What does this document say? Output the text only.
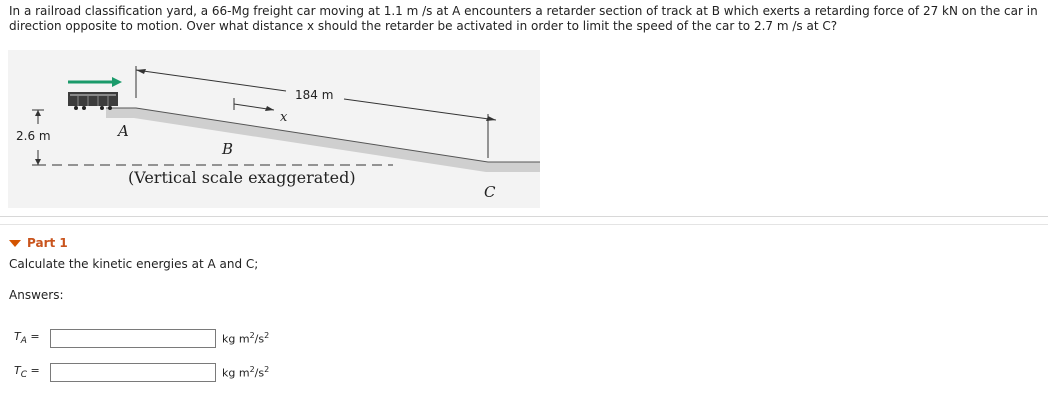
In a railroad classification yard, a 66-Mg freight car moving at 1.1 m /s at A encounters a retarder section of track at B which exerts a retarding force of 27 kN on the car in
direction opposite to motion. Over what distance x should the retarder be activated in order to limit the speed of the car to 2.7 m /s at C?
2.6 m
184 m
x
A
B
C
(Vertical scale exaggerated)
Part 1
Calculate the kinetic energies at A and C;
Answers:
$T_A$ =	kg $m^2/s^2$
$T_C$ =	kg $m^2/s^2$
